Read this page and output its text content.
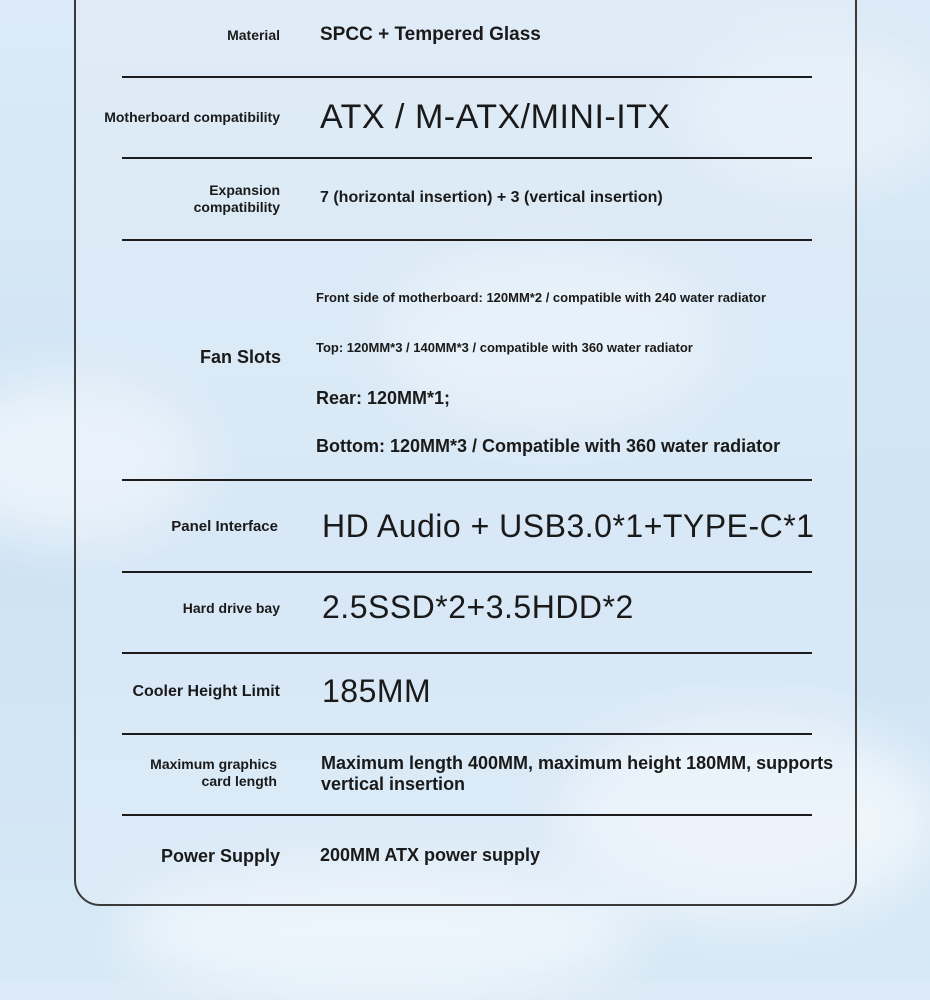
Material SPCC + Tempered Glass
Motherboard compatibility ATX / M-ATX/MINI-ITX
Expansion
compatibility
7 (horizontal insertion) + 3 (vertical insertion)
Fan Slots
Front side of motherboard: 120MM*2 / compatible with 240 water radiator
Top: 120MM*3 / 140MM*3 / compatible with 360 water radiator
Rear: 120MM*1;
Bottom: 120MM*3 / Compatible with 360 water radiator
Panel Interface HD Audio + USB3.0*1+TYPE-C*1
Hard drive bay 2.5SSD*2+3.5HDD*2
Cooler Height Limit 185MM
Maximum graphics
card length
Maximum length 400MM, maximum height 180MM, supports
vertical insertion
Power Supply 200MM ATX power supply
